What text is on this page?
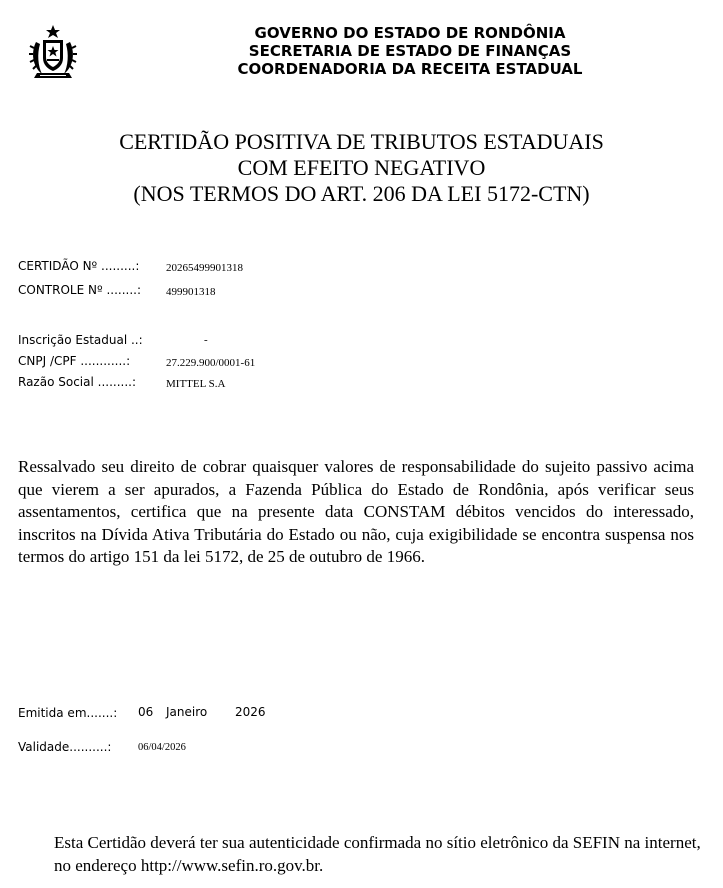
GOVERNO DO ESTADO DE RONDÔNIA
SECRETARIA DE ESTADO DE FINANÇAS
COORDENADORIA DA RECEITA ESTADUAL
CERTIDÃO POSITIVA DE TRIBUTOS ESTADUAIS
COM EFEITO NEGATIVO
(NOS TERMOS DO ART. 206 DA LEI 5172-CTN)
CERTIDÃO Nº .........: 20265499901318
CONTROLE Nº ........: 499901318
Inscrição Estadual ..:	-
CNPJ /CPF ............:	27.229.900/0001-61
Razão Social .........:	MITTEL S.A
Ressalvado seu direito de cobrar quaisquer valores de responsabilidade do sujeito passivo acima que vierem a ser apurados, a Fazenda Pública do Estado de Rondônia, após verificar seus assentamentos, certifica que na presente data CONSTAM débitos vencidos do interessado, inscritos na Dívida Ativa Tributária do Estado ou não, cuja exigibilidade se encontra suspensa nos termos do artigo 151 da lei 5172, de 25 de outubro de 1966.
Emitida em.......: 06 Janeiro 2026
Validade..........:	06/04/2026
Esta Certidão deverá ter sua autenticidade confirmada no sítio eletrônico da SEFIN na internet, no endereço http://www.sefin.ro.gov.br.
